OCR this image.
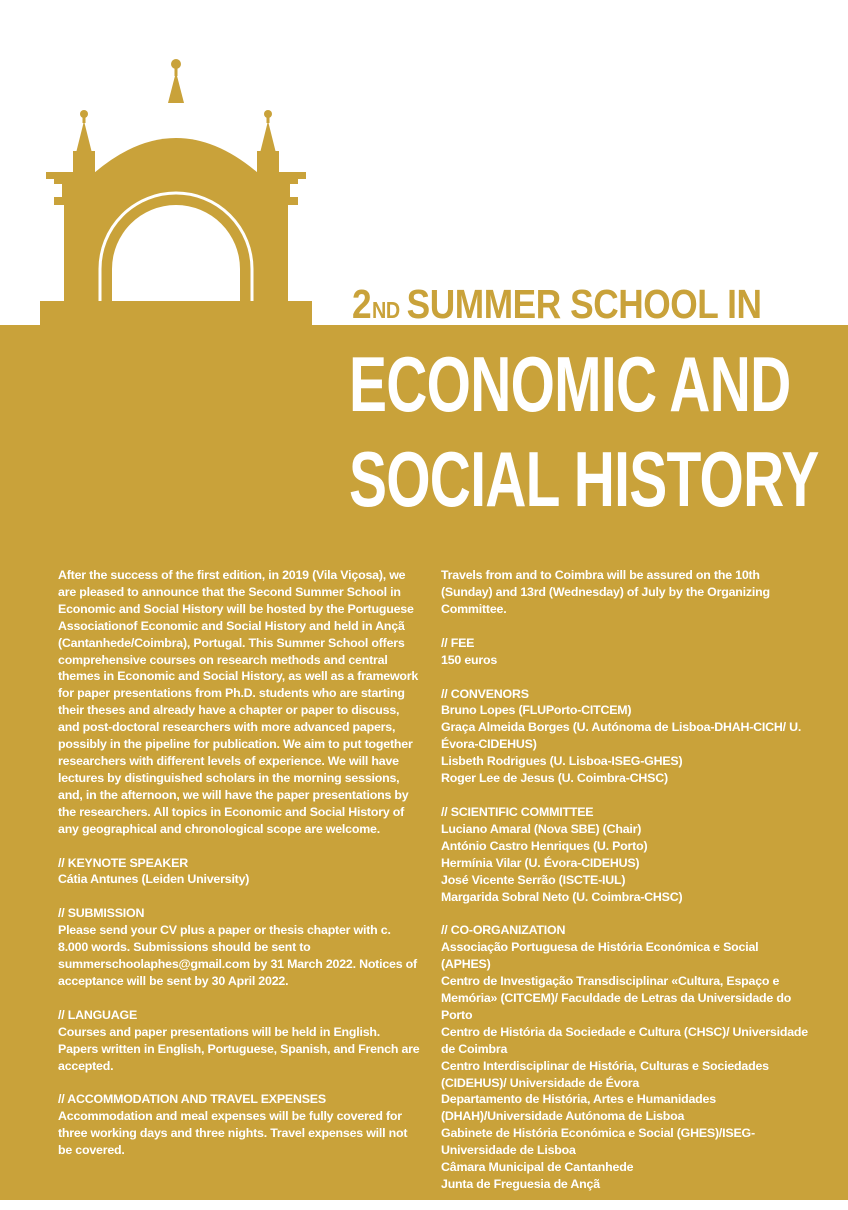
2ND SUMMER SCHOOL IN
ECONOMIC AND
SOCIAL HISTORY

After the success of the first edition, in 2019 (Vila Viçosa), we are pleased to announce that the Second Summer School in Economic and Social History will be hosted by the Portuguese Associationof Economic and Social History and held in Ançã (Cantanhede/Coimbra), Portugal. This Summer School offers comprehensive courses on research methods and central themes in Economic and Social History, as well as a framework for paper presentations from Ph.D. students who are starting their theses and already have a chapter or paper to discuss, and post-doctoral researchers with more advanced papers, possibly in the pipeline for publication. We aim to put together researchers with different levels of experience. We will have lectures by distinguished scholars in the morning sessions, and, in the afternoon, we will have the paper presentations by the researchers. All topics in Economic and Social History of any geographical and chronological scope are welcome.

// KEYNOTE SPEAKER
Cátia Antunes (Leiden University)

// SUBMISSION
Please send your CV plus a paper or thesis chapter with c. 8.000 words. Submissions should be sent to summerschoolaphes@gmail.com by 31 March 2022. Notices of acceptance will be sent by 30 April 2022.

// LANGUAGE
Courses and paper presentations will be held in English. Papers written in English, Portuguese, Spanish, and French are accepted.

// ACCOMMODATION AND TRAVEL EXPENSES
Accommodation and meal expenses will be fully covered for three working days and three nights. Travel expenses will not be covered.

Travels from and to Coimbra will be assured on the 10th (Sunday) and 13rd (Wednesday) of July by the Organizing Committee.

// FEE
150 euros

// CONVENORS
Bruno Lopes (FLUPorto-CITCEM)
Graça Almeida Borges (U. Autónoma de Lisboa-DHAH-CICH/ U. Évora-CIDEHUS)
Lisbeth Rodrigues (U. Lisboa-ISEG-GHES)
Roger Lee de Jesus (U. Coimbra-CHSC)

// SCIENTIFIC COMMITTEE
Luciano Amaral (Nova SBE) (Chair)
António Castro Henriques (U. Porto)
Hermínia Vilar (U. Évora-CIDEHUS)
José Vicente Serrão (ISCTE-IUL)
Margarida Sobral Neto (U. Coimbra-CHSC)

// CO-ORGANIZATION
Associação Portuguesa de História Económica e Social (APHES)
Centro de Investigação Transdisciplinar «Cultura, Espaço e Memória» (CITCEM)/ Faculdade de Letras da Universidade do Porto
Centro de História da Sociedade e Cultura (CHSC)/ Universidade de Coimbra
Centro Interdisciplinar de História, Culturas e Sociedades (CIDEHUS)/ Universidade de Évora
Departamento de História, Artes e Humanidades (DHAH)/Universidade Autónoma de Lisboa
Gabinete de História Económica e Social (GHES)/ISEG-Universidade de Lisboa
Câmara Municipal de Cantanhede
Junta de Freguesia de Ançã
